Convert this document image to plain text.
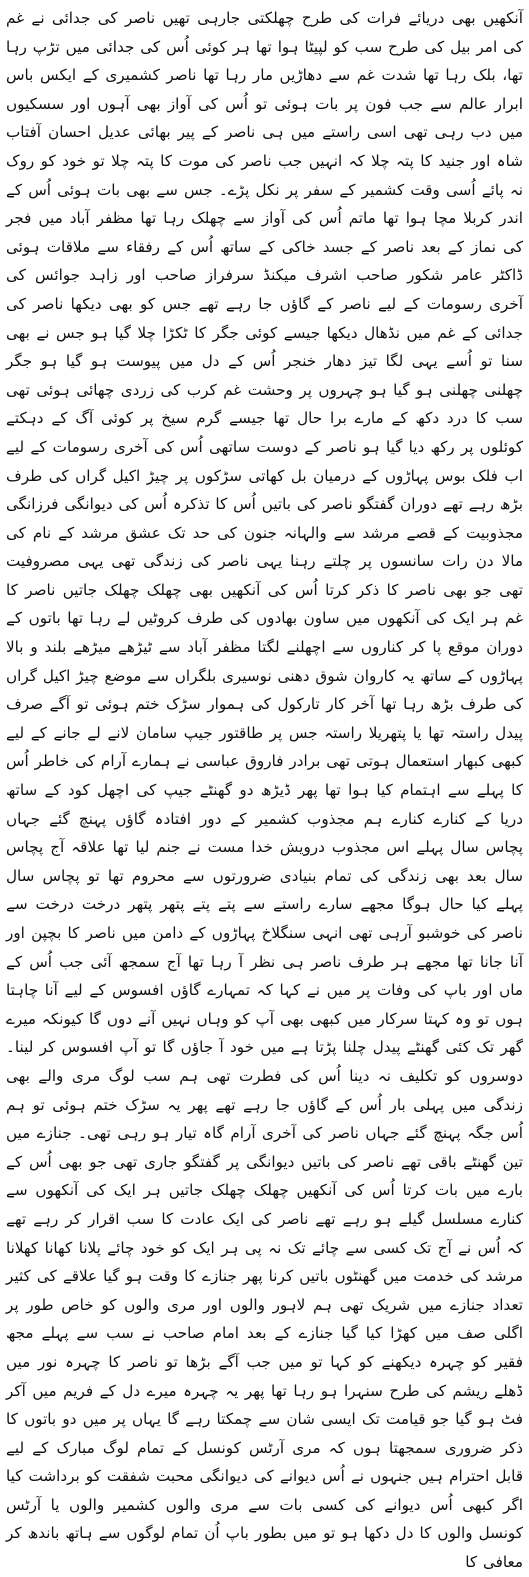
آنکھیں بھی دریائے فرات کی طرح چھلکتی جارہی تھیں ناصر کی جدائی نے غم کی امر بیل کی طرح سب کو لپیٹا ہوا تھا ہر کوئی اُس کی جدائی میں تڑپ رہا تھا، بلک رہا تھا شدت غم سے دھاڑیں مار رہا تھا ناصر کشمیری کے ایکس باس ابرار عالم سے جب فون پر بات ہوئی تو اُس کی آواز بھی آہوں اور سسکیوں میں دب رہی تھی اسی راستے میں ہی ناصر کے پیر بھائی عدیل احسان آفتاب شاہ اور جنید کا پتہ چلا کہ انہیں جب ناصر کی موت کا پتہ چلا تو خود کو روک نہ پائے اُسی وقت کشمیر کے سفر پر نکل پڑے۔ جس سے بھی بات ہوئی اُس کے اندر کربلا مچا ہوا تھا ماتم اُس کی آواز سے چھلک رہا تھا مظفر آباد میں فجر کی نماز کے بعد ناصر کے جسد خاکی کے ساتھ اُس کے رفقاء سے ملاقات ہوئی ڈاکٹر عامر شکور صاحب اشرف میکنڈ سرفراز صاحب اور زاہد جوائس کی آخری رسومات کے لیے ناصر کے گاؤں جا رہے تھے جس کو بھی دیکھا ناصر کی جدائی کے غم میں نڈھال دیکھا جیسے کوئی جگر کا ٹکڑا چلا گیا ہو جس نے بھی سنا تو اُسے یہی لگا تیز دھار خنجر اُس کے دل میں پیوست ہو گیا ہو جگر چھلنی چھلنی ہو گیا ہو چہروں پر وحشت غم کرب کی زردی چھائی ہوئی تھی سب کا درد دکھ کے مارے برا حال تھا جیسے گرم سیخ پر کوئی آگ کے دہکتے کوئلوں پر رکھ دیا گیا ہو ناصر کے دوست ساتھی اُس کی آخری رسومات کے لیے اب فلک بوس پہاڑوں کے درمیان بل کھاتی سڑکوں پر چیڑ اکیل گراں کی طرف بڑھ رہے تھے دوران گفتگو ناصر کی باتیں اُس کا تذکرہ اُس کی دیوانگی فرزانگی مجذوبیت کے قصے مرشد سے والہانہ جنون کی حد تک عشق مرشد کے نام کی مالا دن رات سانسوں پر چلتے رہنا یہی ناصر کی زندگی تھی یہی مصروفیت تھی جو بھی ناصر کا ذکر کرتا اُس کی آنکھیں بھی چھلک چھلک جاتیں ناصر کا غم ہر ایک کی آنکھوں میں ساون بھادوں کی طرف کروٹیں لے رہا تھا باتوں کے دوران موقع پا کر کناروں سے اچھلنے لگتا مظفر آباد سے ٹیڑھے میڑھے بلند و بالا پہاڑوں کے ساتھ یہ کاروان شوق دھنی نوسیری بلگراں سے موضع چیڑ اکیل گراں کی طرف بڑھ رہا تھا آخر کار تارکول کی ہموار سڑک ختم ہوئی تو آگے صرف پیدل راستہ تھا یا پتھریلا راستہ جس پر طاقتور جیپ سامان لانے لے جانے کے لیے کبھی کبھار استعمال ہوتی تھی برادر فاروق عباسی نے ہمارے آرام کی خاطر اُس کا پہلے سے اہتمام کیا ہوا تھا پھر ڈیڑھ دو گھنٹے جیپ کی اچھل کود کے ساتھ دریا کے کنارے کنارے ہم مجذوب کشمیر کے دور افتادہ گاؤں پہنچ گئے جہاں پچاس سال پہلے اس مجذوب درویش خدا مست نے جنم لیا تھا علاقہ آج پچاس سال بعد بھی زندگی کی تمام بنیادی ضرورتوں سے محروم تھا تو پچاس سال پہلے کیا حال ہوگا مجھے سارے راستے سے پتے پتے پتھر پتھر درخت درخت سے ناصر کی خوشبو آرہی تھی انہی سنگلاخ پہاڑوں کے دامن میں ناصر کا بچپن اور آنا جانا تھا مجھے ہر طرف ناصر ہی نظر آ رہا تھا آج سمجھ آئی جب اُس کے ماں اور باپ کی وفات پر میں نے کہا کہ تمہارے گاؤں افسوس کے لیے آنا چاہتا ہوں تو وہ کہتا سرکار میں کبھی بھی آپ کو وہاں نہیں آنے دوں گا کیونکہ میرے گھر تک کئی گھنٹے پیدل چلنا پڑتا ہے میں خود آ جاؤں گا تو آپ افسوس کر لینا۔ دوسروں کو تکلیف نہ دینا اُس کی فطرت تھی ہم سب لوگ مری والے بھی زندگی میں پہلی بار اُس کے گاؤں جا رہے تھے پھر یہ سڑک ختم ہوئی تو ہم اُس جگہ پہنچ گئے جہاں ناصر کی آخری آرام گاہ تیار ہو رہی تھی۔ جنازے میں تین گھنٹے باقی تھے ناصر کی باتیں دیوانگی پر گفتگو جاری تھی جو بھی اُس کے بارے میں بات کرتا اُس کی آنکھیں چھلک چھلک جاتیں ہر ایک کی آنکھوں سے کنارے مسلسل گیلے ہو رہے تھے ناصر کی ایک عادت کا سب اقرار کر رہے تھے کہ اُس نے آج تک کسی سے چائے تک نہ پی ہر ایک کو خود چائے پلانا کھانا کھلانا مرشد کی خدمت میں گھنٹوں باتیں کرنا پھر جنازے کا وقت ہو گیا علاقے کی کثیر تعداد جنازے میں شریک تھی ہم لاہور والوں اور مری والوں کو خاص طور پر اگلی صف میں کھڑا کیا گیا جنازے کے بعد امام صاحب نے سب سے پہلے مجھ فقیر کو چہرہ دیکھنے کو کہا تو میں جب آگے بڑھا تو ناصر کا چہرہ نور میں ڈھلے ریشم کی طرح سنہرا ہو رہا تھا پھر یہ چہرہ میرے دل کے فریم میں آکر فٹ ہو گیا جو قیامت تک ایسی شان سے چمکتا رہے گا یہاں پر میں دو باتوں کا ذکر ضروری سمجھتا ہوں کہ مری آرٹس کونسل کے تمام لوگ مبارک کے لیے قابل احترام ہیں جنہوں نے اُس دیوانے کی دیوانگی محبت شفقت کو برداشت کیا اگر کبھی اُس دیوانے کی کسی بات سے مری والوں کشمیر والوں یا آرٹس کونسل والوں کا دل دکھا ہو تو میں بطور باپ اُن تمام لوگوں سے ہاتھ باندھ کر معافی کا
